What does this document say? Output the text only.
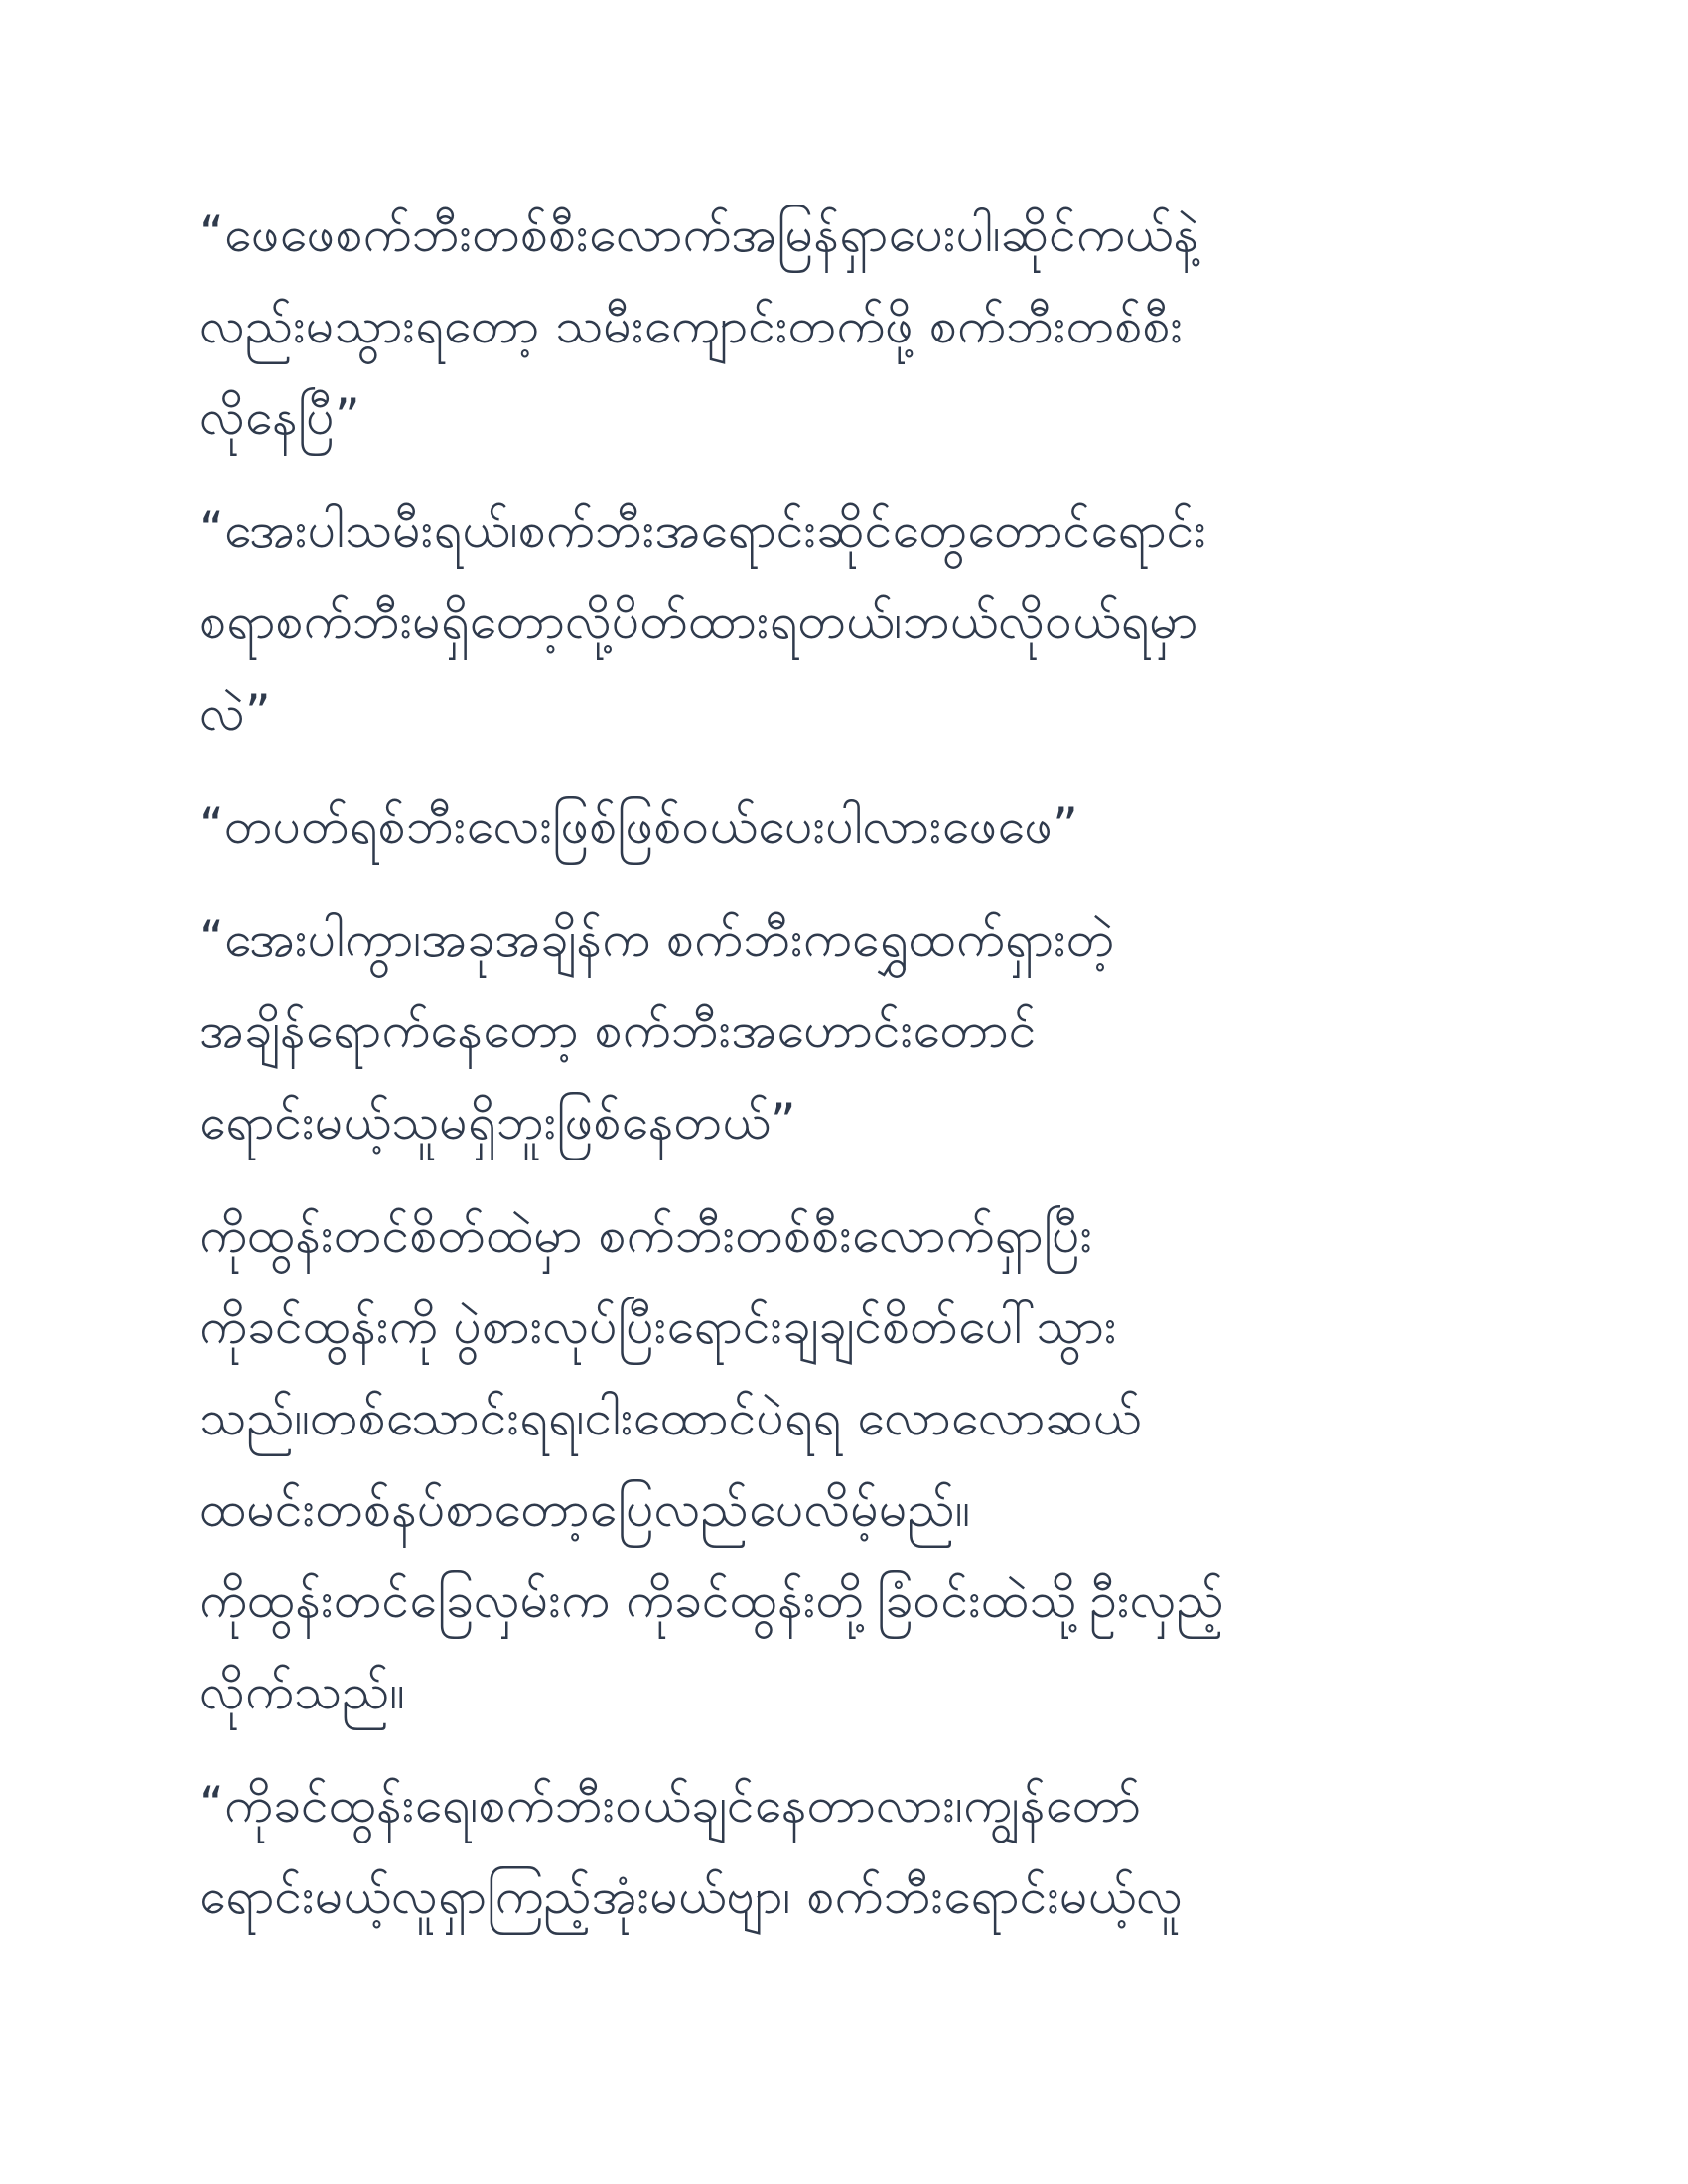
“ဖေဖေစက်ဘီးတစ်စီးလောက်အမြန်ရှာပေးပါ၊ဆိုင်ကယ်နဲ့
လည်းမသွားရတော့ သမီးကျောင်းတက်ဖို့ စက်ဘီးတစ်စီး
လိုနေပြီ”

“အေးပါသမီးရယ်၊စက်ဘီးအရောင်းဆိုင်တွေတောင်ရောင်း
စရာစက်ဘီးမရှိတော့လို့ပိတ်ထားရတယ်၊ဘယ်လိုဝယ်ရမှာ
လဲ”

“တပတ်ရစ်ဘီးလေးဖြစ်ဖြစ်ဝယ်ပေးပါလားဖေဖေ”

“အေးပါကွာ၊အခုအချိန်က စက်ဘီးကရွှေထက်ရှားတဲ့
အချိန်ရောက်နေတော့ စက်ဘီးအဟောင်းတောင်
ရောင်းမယ့်သူမရှိဘူးဖြစ်နေတယ်”

ကိုထွန်းတင်စိတ်ထဲမှာ စက်ဘီးတစ်စီးလောက်ရှာပြီး
ကိုခင်ထွန်းကို ပွဲစားလုပ်ပြီးရောင်းချချင်စိတ်ပေါ်သွား
သည်။တစ်သောင်းရရ၊ငါးထောင်ပဲရရ လောလောဆယ်
ထမင်းတစ်နပ်စာတော့ပြေလည်ပေလိမ့်မည်။
ကိုထွန်းတင်ခြေလှမ်းက ကိုခင်ထွန်းတို့ခြံဝင်းထဲသို့ဦးလှည့်
လိုက်သည်။

“ကိုခင်ထွန်းရေ၊စက်ဘီးဝယ်ချင်နေတာလား၊ကျွန်တော်
ရောင်းမယ့်လူရှာကြည့်အုံးမယ်ဗျာ၊ စက်ဘီးရောင်းမယ့်လူ
